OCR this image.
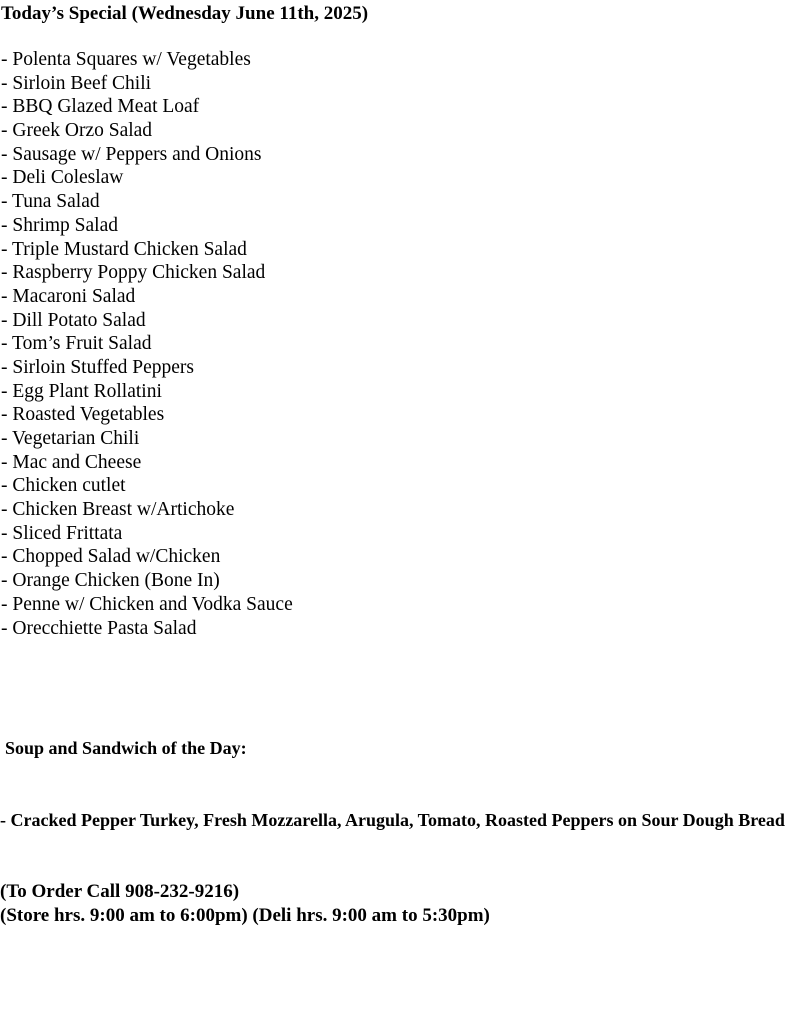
Today’s Special (Wednesday June 11th, 2025)
- Polenta Squares w/ Vegetables
- Sirloin Beef Chili
- BBQ Glazed Meat Loaf
- Greek Orzo Salad
- Sausage w/ Peppers and Onions
- Deli Coleslaw
- Tuna Salad
- Shrimp Salad
- Triple Mustard Chicken Salad
- Raspberry Poppy Chicken Salad
- Macaroni Salad
- Dill Potato Salad
- Tom’s Fruit Salad
- Sirloin Stuffed Peppers
- Egg Plant Rollatini
- Roasted Vegetables
- Vegetarian Chili
- Mac and Cheese
- Chicken cutlet
- Chicken Breast w/Artichoke
- Sliced Frittata
- Chopped Salad w/Chicken
- Orange Chicken (Bone In)
- Penne w/ Chicken and Vodka Sauce
- Orecchiette Pasta Salad
Soup and Sandwich of the Day:
- Cracked Pepper Turkey, Fresh Mozzarella, Arugula, Tomato, Roasted Peppers on Sour Dough Bread
(To Order Call 908-232-9216)
(Store hrs. 9:00 am to 6:00pm) (Deli hrs. 9:00 am to 5:30pm)
